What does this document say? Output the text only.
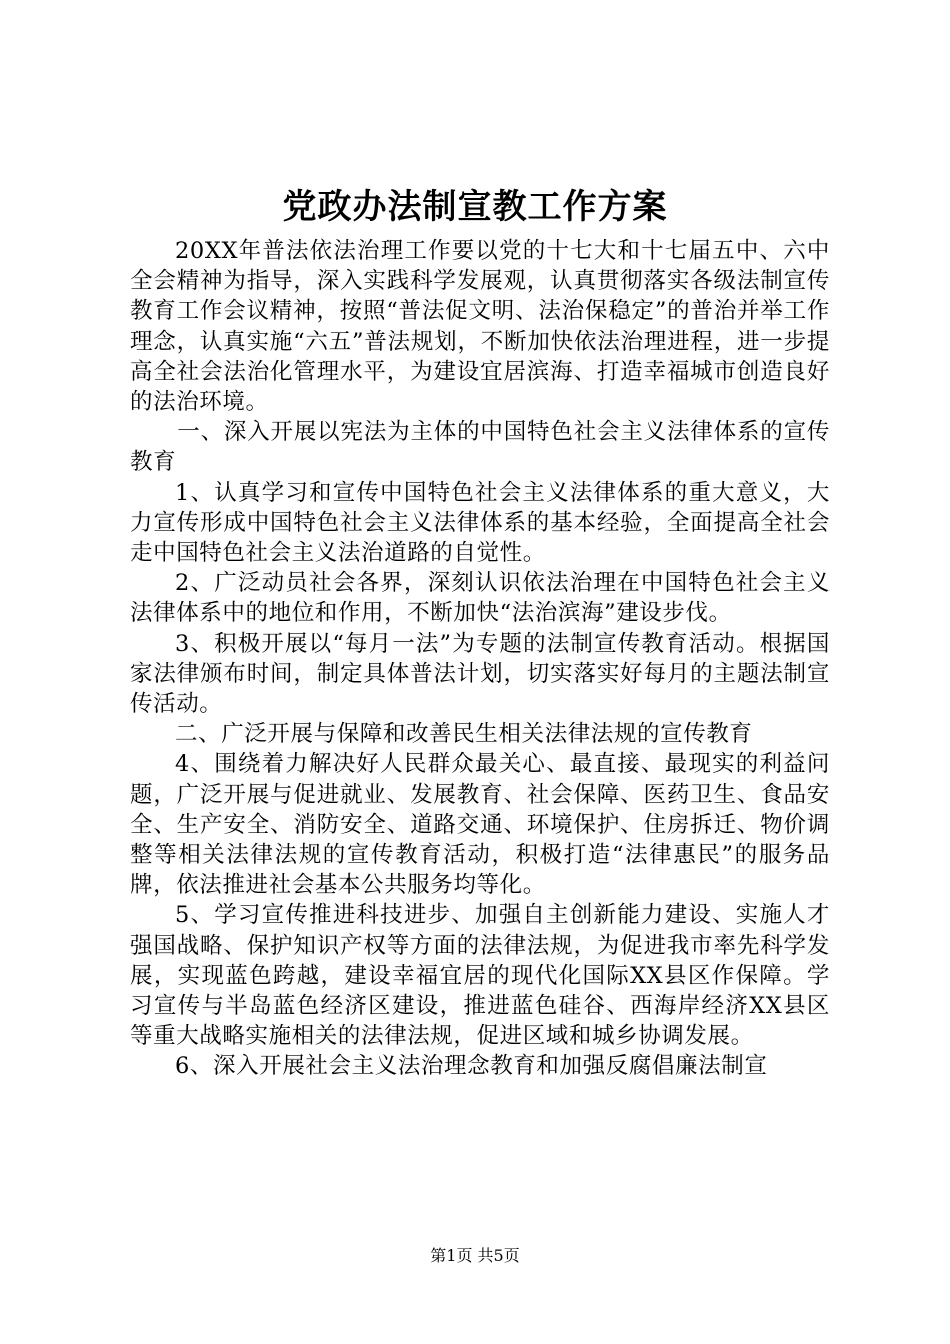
党政办法制宣教工作方案

20XX年普法依法治理工作要以党的十七大和十七届五中、六中全会精神为指导，深入实践科学发展观，认真贯彻落实各级法制宣传教育工作会议精神，按照“普法促文明、法治保稳定”的普治并举工作理念，认真实施“六五”普法规划，不断加快依法治理进程，进一步提高全社会法治化管理水平，为建设宜居滨海、打造幸福城市创造良好的法治环境。

一、深入开展以宪法为主体的中国特色社会主义法律体系的宣传教育

1、认真学习和宣传中国特色社会主义法律体系的重大意义，大力宣传形成中国特色社会主义法律体系的基本经验，全面提高全社会走中国特色社会主义法治道路的自觉性。

2、广泛动员社会各界，深刻认识依法治理在中国特色社会主义法律体系中的地位和作用，不断加快“法治滨海”建设步伐。

3、积极开展以“每月一法”为专题的法制宣传教育活动。根据国家法律颁布时间，制定具体普法计划，切实落实好每月的主题法制宣传活动。

二、广泛开展与保障和改善民生相关法律法规的宣传教育

4、围绕着力解决好人民群众最关心、最直接、最现实的利益问题，广泛开展与促进就业、发展教育、社会保障、医药卫生、食品安全、生产安全、消防安全、道路交通、环境保护、住房拆迁、物价调整等相关法律法规的宣传教育活动，积极打造“法律惠民”的服务品牌，依法推进社会基本公共服务均等化。

5、学习宣传推进科技进步、加强自主创新能力建设、实施人才强国战略、保护知识产权等方面的法律法规，为促进我市率先科学发展，实现蓝色跨越，建设幸福宜居的现代化国际XX县区作保障。学习宣传与半岛蓝色经济区建设，推进蓝色硅谷、西海岸经济XX县区等重大战略实施相关的法律法规，促进区域和城乡协调发展。

6、深入开展社会主义法治理念教育和加强反腐倡廉法制宣

第1页 共5页
